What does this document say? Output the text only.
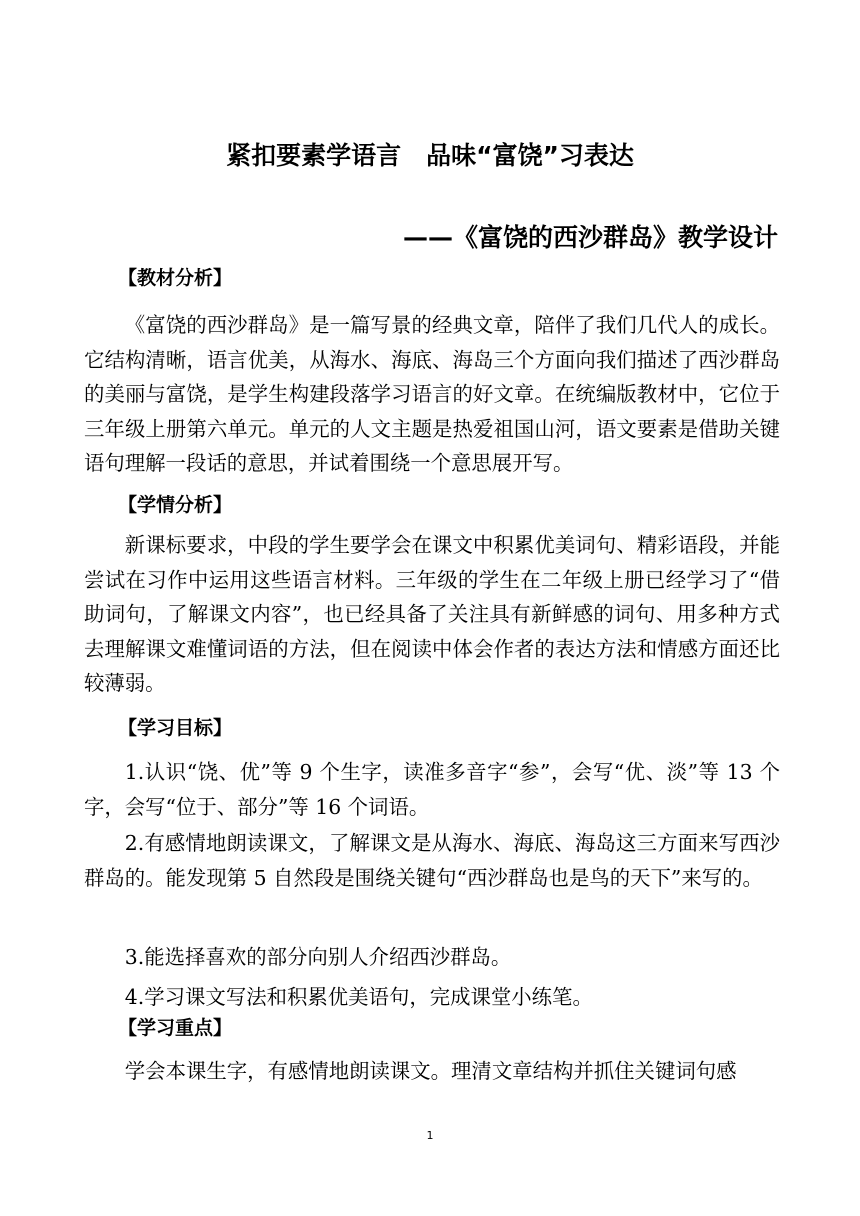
紧扣要素学语言　品味“富饶”习表达
——《富饶的西沙群岛》教学设计
【教材分析】
《富饶的西沙群岛》是一篇写景的经典文章，陪伴了我们几代人的成长。它结构清晰，语言优美，从海水、海底、海岛三个方面向我们描述了西沙群岛的美丽与富饶，是学生构建段落学习语言的好文章。在统编版教材中，它位于三年级上册第六单元。单元的人文主题是热爱祖国山河，语文要素是借助关键语句理解一段话的意思，并试着围绕一个意思展开写。
【学情分析】
新课标要求，中段的学生要学会在课文中积累优美词句、精彩语段，并能尝试在习作中运用这些语言材料。三年级的学生在二年级上册已经学习了“借助词句，了解课文内容”，也已经具备了关注具有新鲜感的词句、用多种方式去理解课文难懂词语的方法，但在阅读中体会作者的表达方法和情感方面还比较薄弱。
【学习目标】
1.认识“饶、优”等 9 个生字，读准多音字“参”，会写“优、淡”等 13 个字，会写“位于、部分”等 16 个词语。
2.有感情地朗读课文，了解课文是从海水、海底、海岛这三方面来写西沙群岛的。能发现第 5 自然段是围绕关键句“西沙群岛也是鸟的天下”来写的。
3.能选择喜欢的部分向别人介绍西沙群岛。
4.学习课文写法和积累优美语句，完成课堂小练笔。
【学习重点】
学会本课生字，有感情地朗读课文。理清文章结构并抓住关键词句感
1
